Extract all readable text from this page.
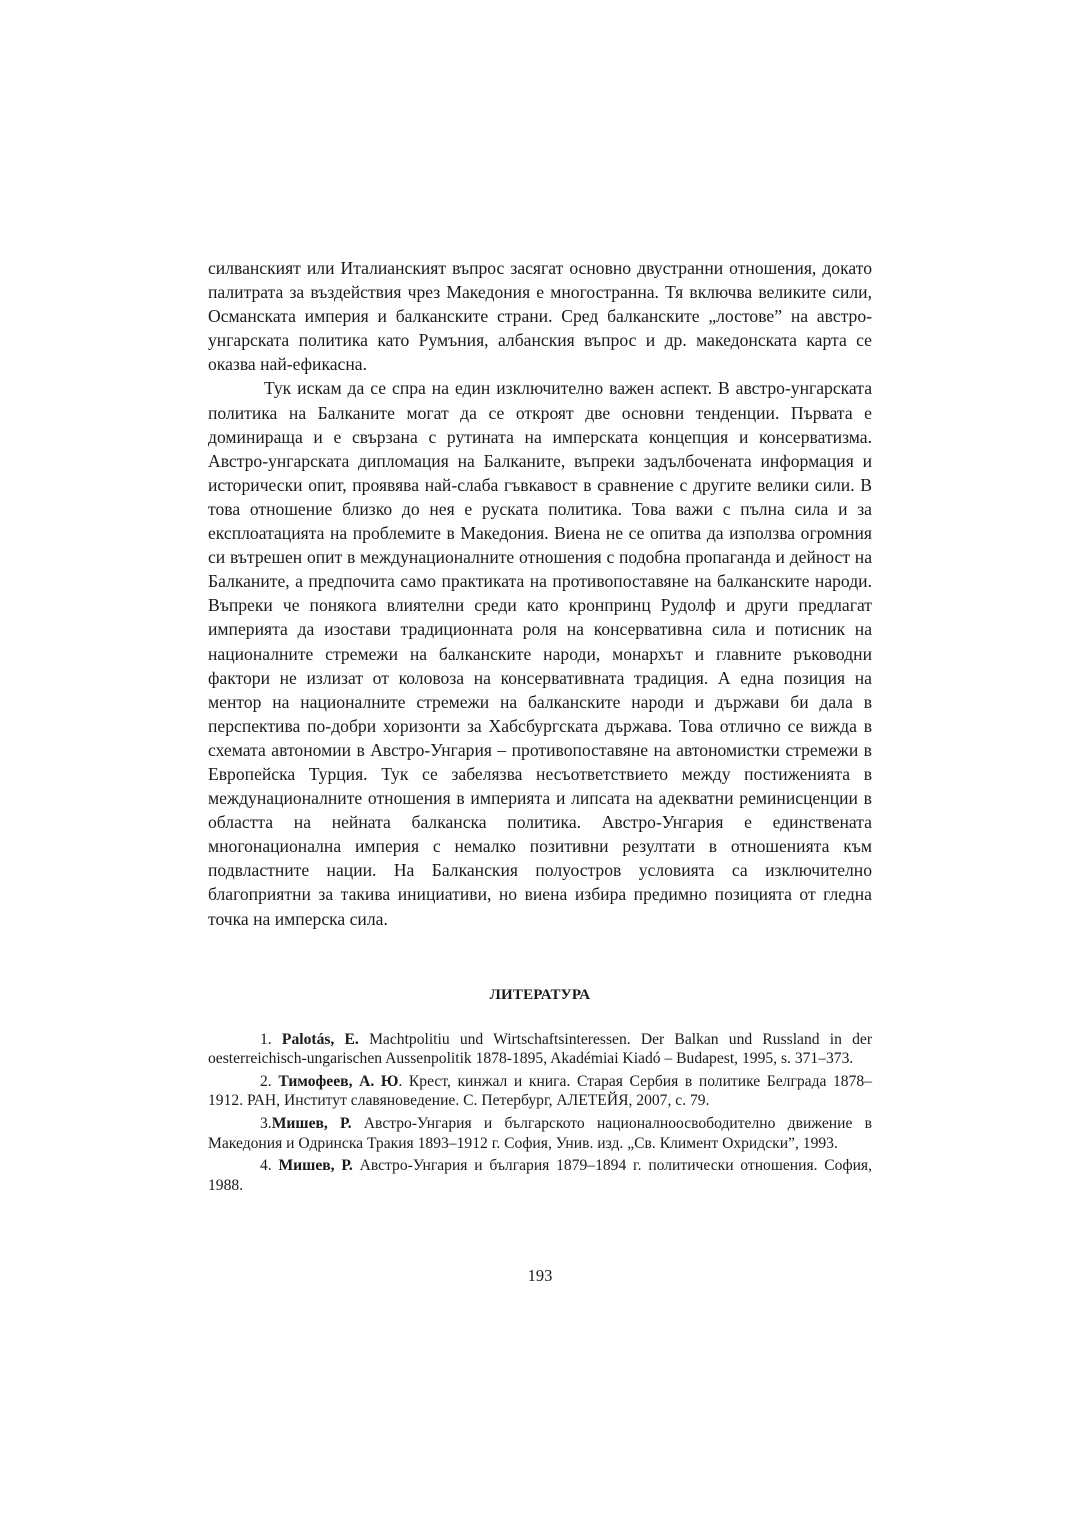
силванският или Италианският въпрос засягат основно двустранни отношения, докато палитрата за въздействия чрез Македония е многостранна. Тя включва великите сили, Османската империя и балканските страни. Сред балканските „лостове” на австро-унгарската политика като Румъния, албанския въпрос и др. македонската карта се оказва най-ефикасна.

Тук искам да се спра на един изключително важен аспект. В австро-унгарската политика на Балканите могат да се откроят две основни тенденции. Първата е доминираща и е свързана с рутината на имперската концепция и консерватизма. Австро-унгарската дипломация на Балканите, въпреки задълбочената информация и исторически опит, проявява най-слаба гъвкавост в сравнение с другите велики сили. В това отношение близко до нея е руската политика. Това важи с пълна сила и за експлоатацията на проблемите в Македония. Виена не се опитва да използва огромния си вътрешен опит в междунационалните отношения с подобна пропаганда и дейност на Балканите, а предпочита само практиката на противопоставяне на балканските народи. Въпреки че понякога влиятелни среди като кронпринц Рудолф и други предлагат империята да изостави традиционната роля на консервативна сила и потисник на националните стремежи на балканските народи, монархът и главните ръководни фактори не излизат от коловоза на консервативната традиция. А една позиция на ментор на националните стремежи на балканските народи и държави би дала в перспектива по-добри хоризонти за Хабсбургската държава. Това отлично се вижда в схемата автономии в Австро-Унгария – противопоставяне на автономистки стремежи в Европейска Турция. Тук се забелязва несъответствието между постиженията в междунационалните отношения в империята и липсата на адекватни реминисценции в областта на нейната балканска политика. Австро-Унгария е единствената многонационална империя с немалко позитивни резултати в отношенията към подвластните нации. На Балканския полуостров условията са изключително благоприятни за такива инициативи, но виена избира предимно позицията от гледна точка на имперска сила.

ЛИТЕРАТУРА

1. Palotás, E. Machtpolitiu und Wirtschaftsinteressen. Der Balkan und Russland in der oesterreichisch-ungarischen Aussenpolitik 1878-1895, Akadémiai Kiadó – Budapest, 1995, s. 371–373.

2. Тимофеев, А. Ю. Крест, кинжал и книга. Старая Сербия в политике Белграда 1878–1912. РАН, Институт славяноведение. С. Петербург, АЛЕТЕЙЯ, 2007, с. 79.

3.Мишев, Р. Австро-Унгария и българското националноосвободително движение в Македония и Одринска Тракия 1893–1912 г. София, Унив. изд. „Св. Климент Охридски”, 1993.

4. Мишев, Р. Австро-Унгария и българия 1879–1894 г. политически отношения. София, 1988.

193
